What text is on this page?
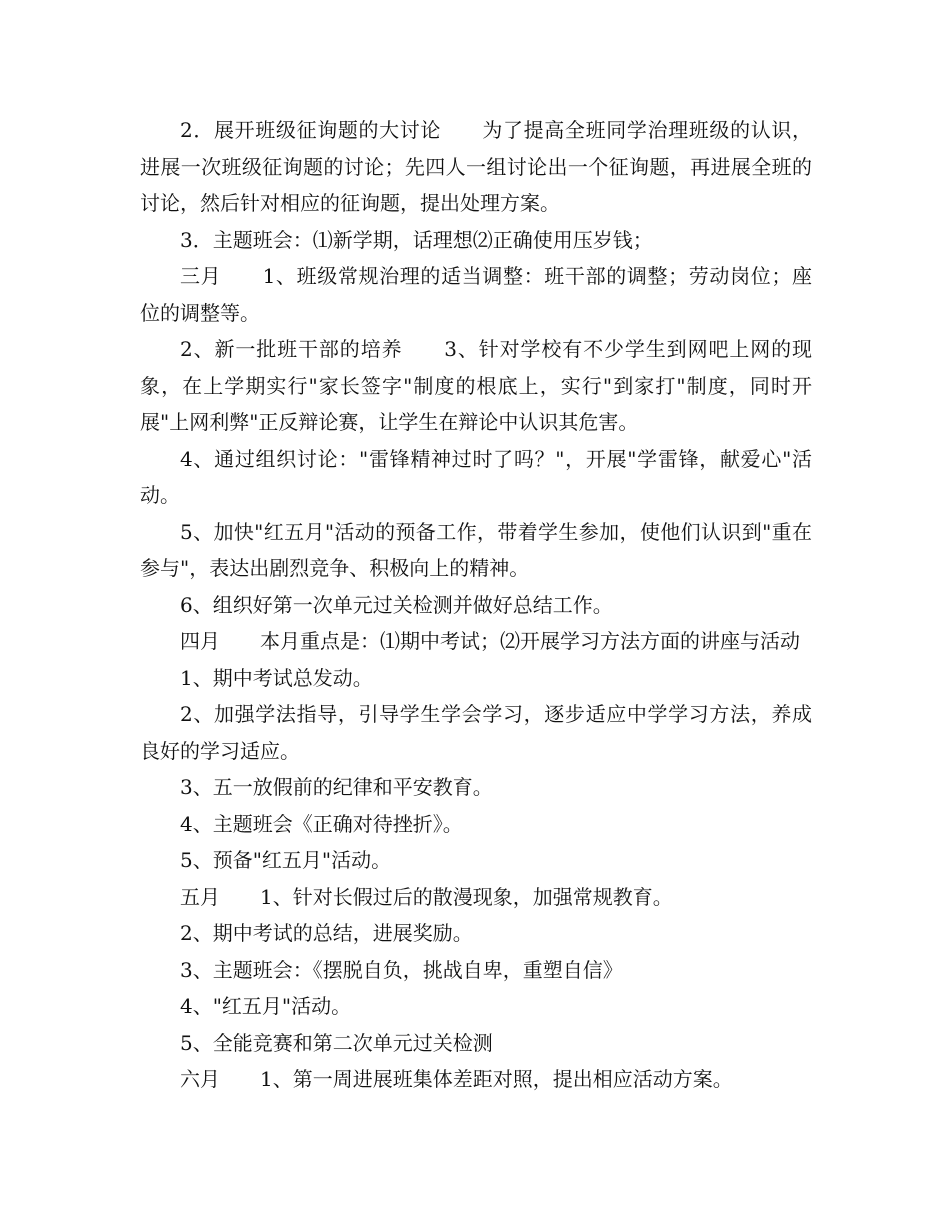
2．展开班级征询题的大讨论　　为了提高全班同学治理班级的认识，进展一次班级征询题的讨论；先四人一组讨论出一个征询题，再进展全班的讨论，然后针对相应的征询题，提出处理方案。

3．主题班会：⑴新学期，话理想⑵正确使用压岁钱；

三月　　1、班级常规治理的适当调整：班干部的调整；劳动岗位；座位的调整等。

2、新一批班干部的培养　　3、针对学校有不少学生到网吧上网的现象，在上学期实行"家长签字"制度的根底上，实行"到家打"制度，同时开展"上网利弊"正反辩论赛，让学生在辩论中认识其危害。

4、通过组织讨论："雷锋精神过时了吗？"，开展"学雷锋，献爱心"活动。

5、加快"红五月"活动的预备工作，带着学生参加，使他们认识到"重在参与"，表达出剧烈竞争、积极向上的精神。

6、组织好第一次单元过关检测并做好总结工作。

四月　　本月重点是：⑴期中考试；⑵开展学习方法方面的讲座与活动

1、期中考试总发动。

2、加强学法指导，引导学生学会学习，逐步适应中学学习方法，养成良好的学习适应。

3、五一放假前的纪律和平安教育。

4、主题班会《正确对待挫折》。

5、预备"红五月"活动。

五月　　1、针对长假过后的散漫现象，加强常规教育。

2、期中考试的总结，进展奖励。

3、主题班会：《摆脱自负，挑战自卑，重塑自信》

4、"红五月"活动。

5、全能竞赛和第二次单元过关检测

六月　　1、第一周进展班集体差距对照，提出相应活动方案。
